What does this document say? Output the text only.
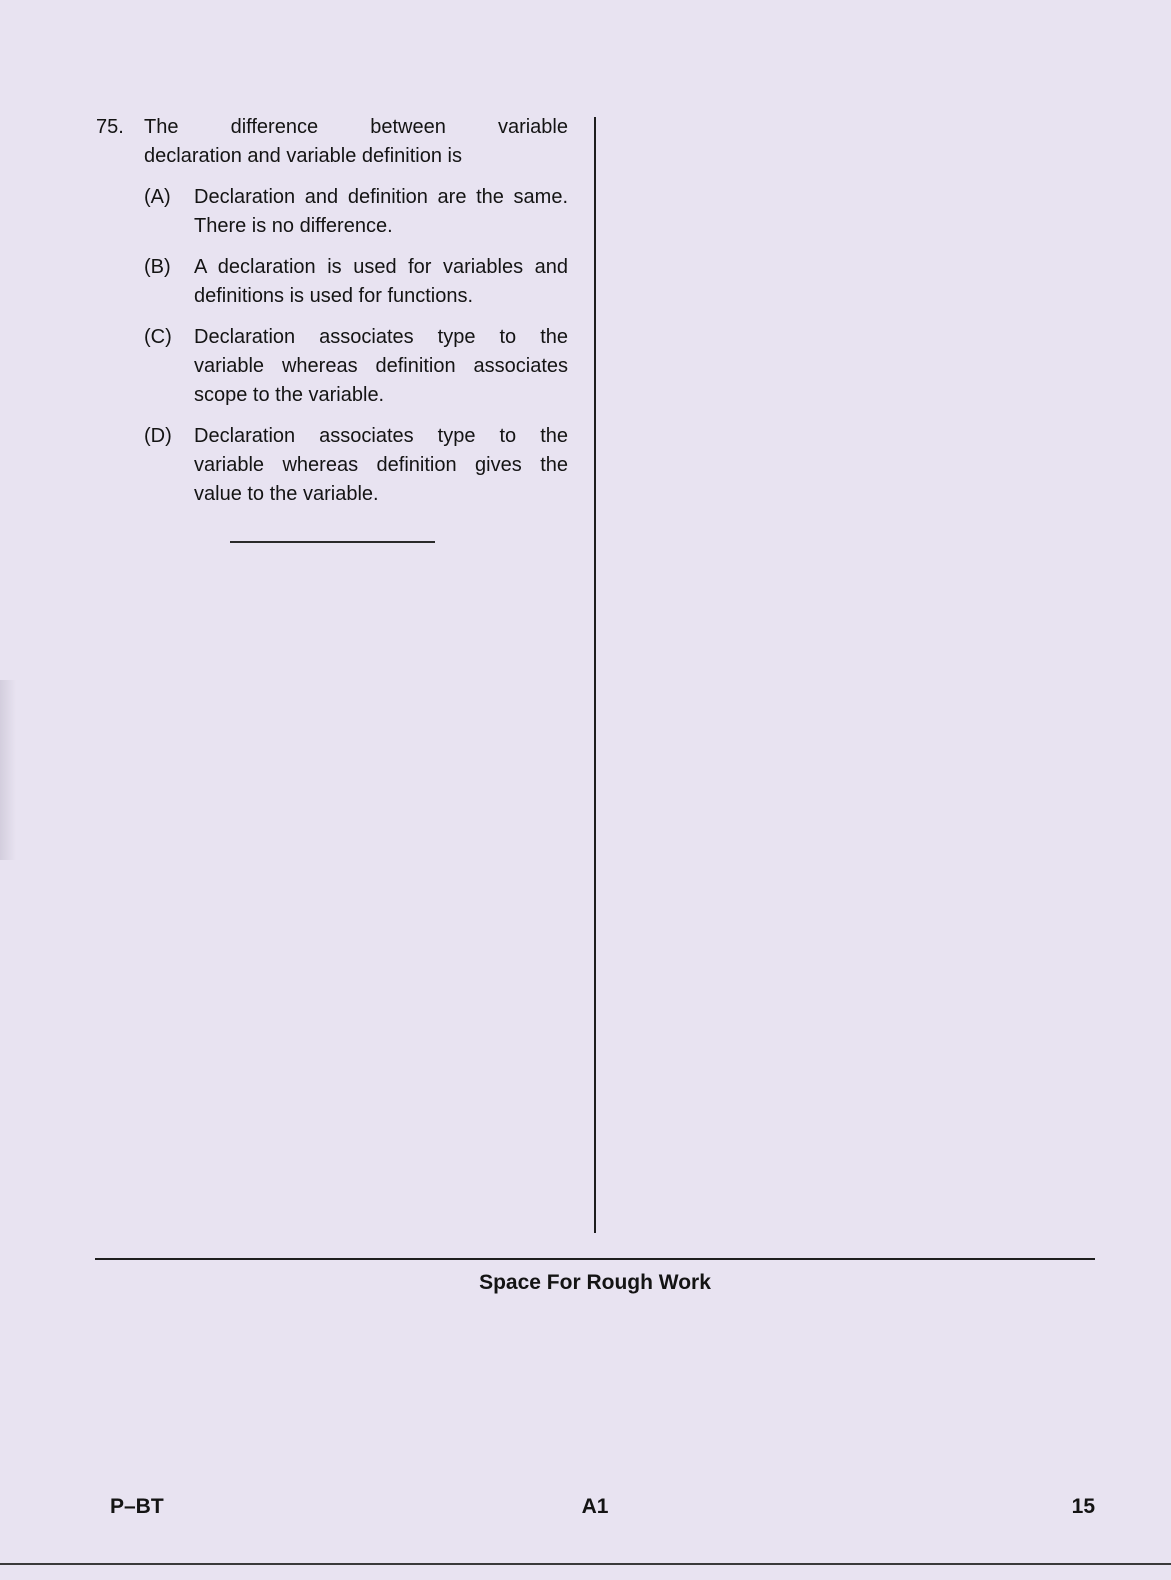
75.	The	difference	between	variable
declaration and variable definition is
(A)	Declaration and definition are the same. There is no difference.
(B)	A declaration is used for variables and definitions is used for functions.
(C)	Declaration associates type to the variable whereas definition associates scope to the variable.
(D)	Declaration associates type to the variable whereas definition gives the value to the variable.
Space For Rough Work
P–BT	A1	15
